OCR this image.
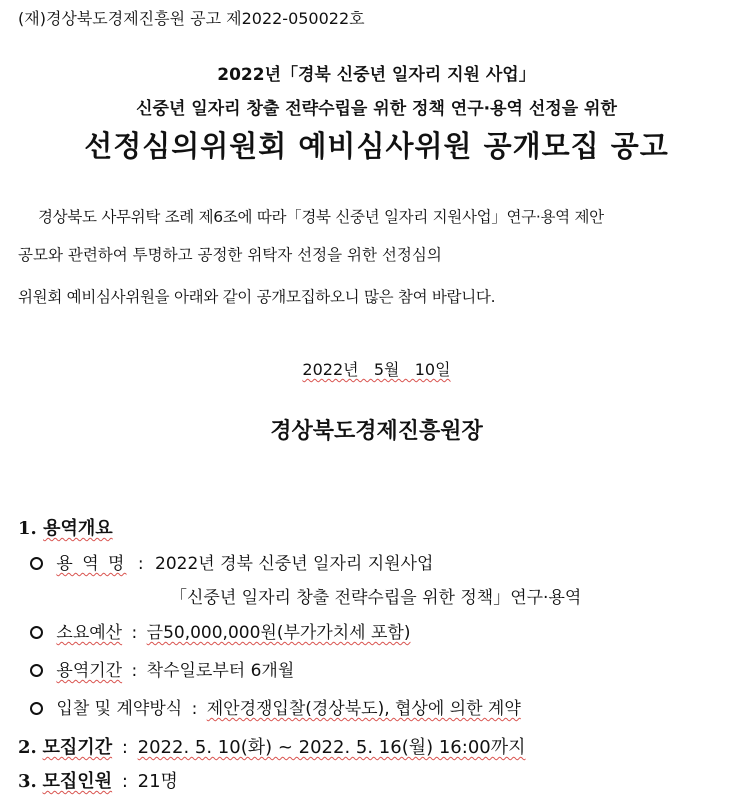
(재)경상북도경제진흥원 공고 제2022-050022호
2022년「경북 신중년 일자리 지원 사업」
신중년 일자리 창출 전략수립을 위한 정책 연구·용역 선정을 위한
선정심의위원회 예비심사위원 공개모집 공고
경상북도 사무위탁 조례 제6조에 따라「경북 신중년 일자리 지원사업」연구·용역 제안
공모와 관련하여 투명하고 공정한 위탁자 선정을 위한 선정심의
위원회 예비심사위원을 아래와 같이 공개모집하오니 많은 참여 바랍니다.
2022년   5월   10일
경상북도경제진흥원장
1. 용역개요
용 역 명 : 2022년 경북 신중년 일자리 지원사업
「신중년 일자리 창출 전략수립을 위한 정책」연구·용역
소요예산 : 금50,000,000원(부가가치세 포함)
용역기간 : 착수일로부터 6개월
입찰 및 계약방식 : 제안경쟁입찰(경상북도), 협상에 의한 계약
2. 모집기간 : 2022. 5. 10(화) ~ 2022. 5. 16(월) 16:00까지
3. 모집인원 : 21명
